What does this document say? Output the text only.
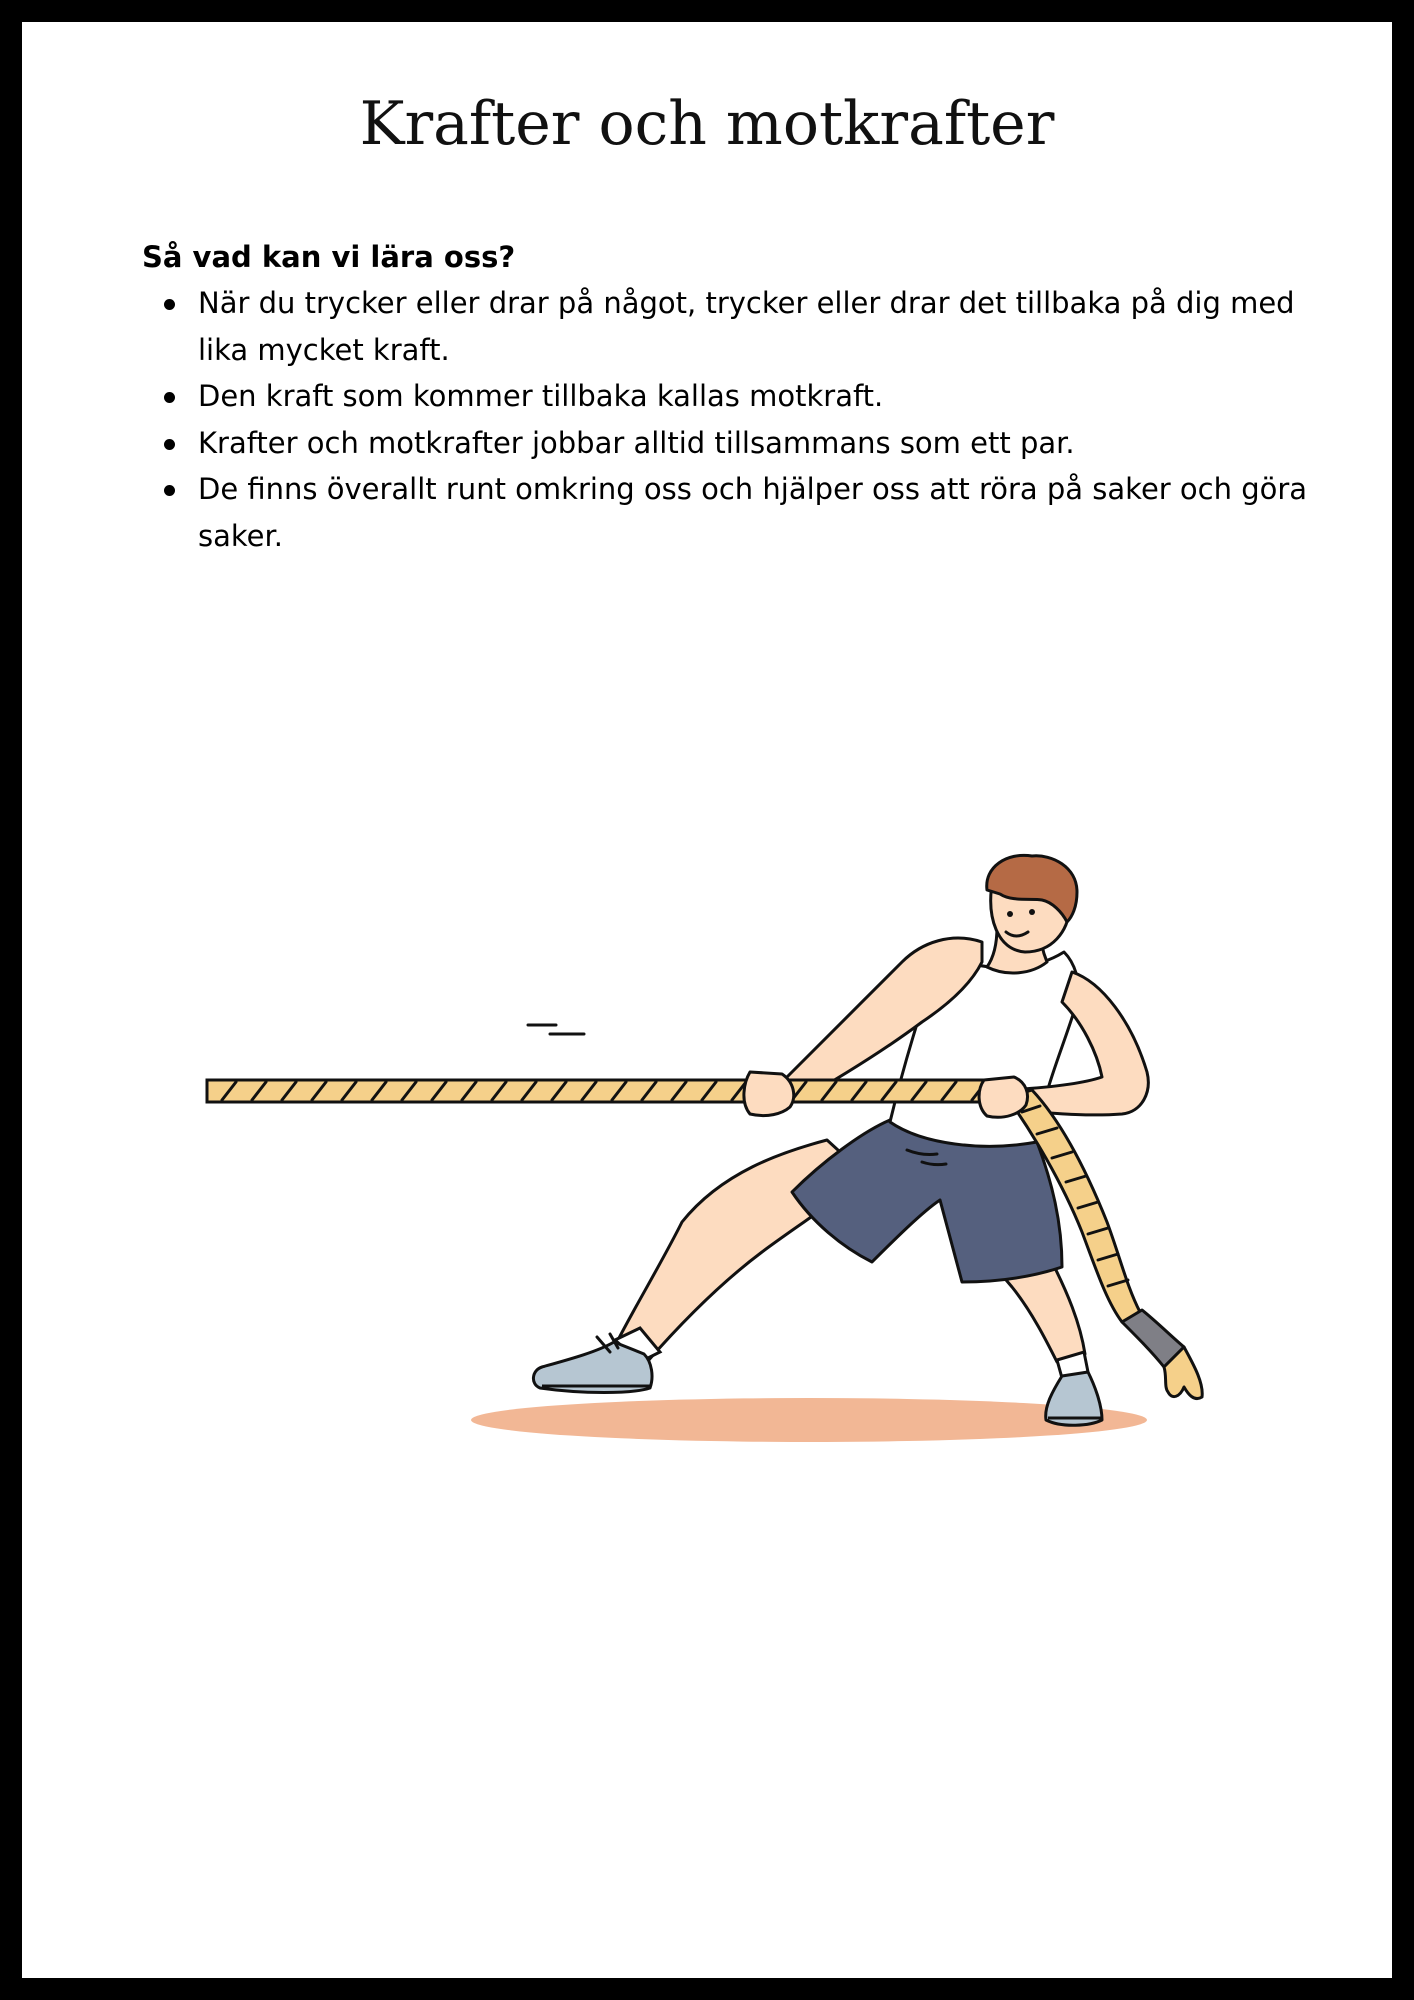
Krafter och motkrafter

Så vad kan vi lära oss?

När du trycker eller drar på något, trycker eller drar det tillbaka på dig med lika mycket kraft.
Den kraft som kommer tillbaka kallas motkraft.
Krafter och motkrafter jobbar alltid tillsammans som ett par.
De finns överallt runt omkring oss och hjälper oss att röra på saker och göra saker.
